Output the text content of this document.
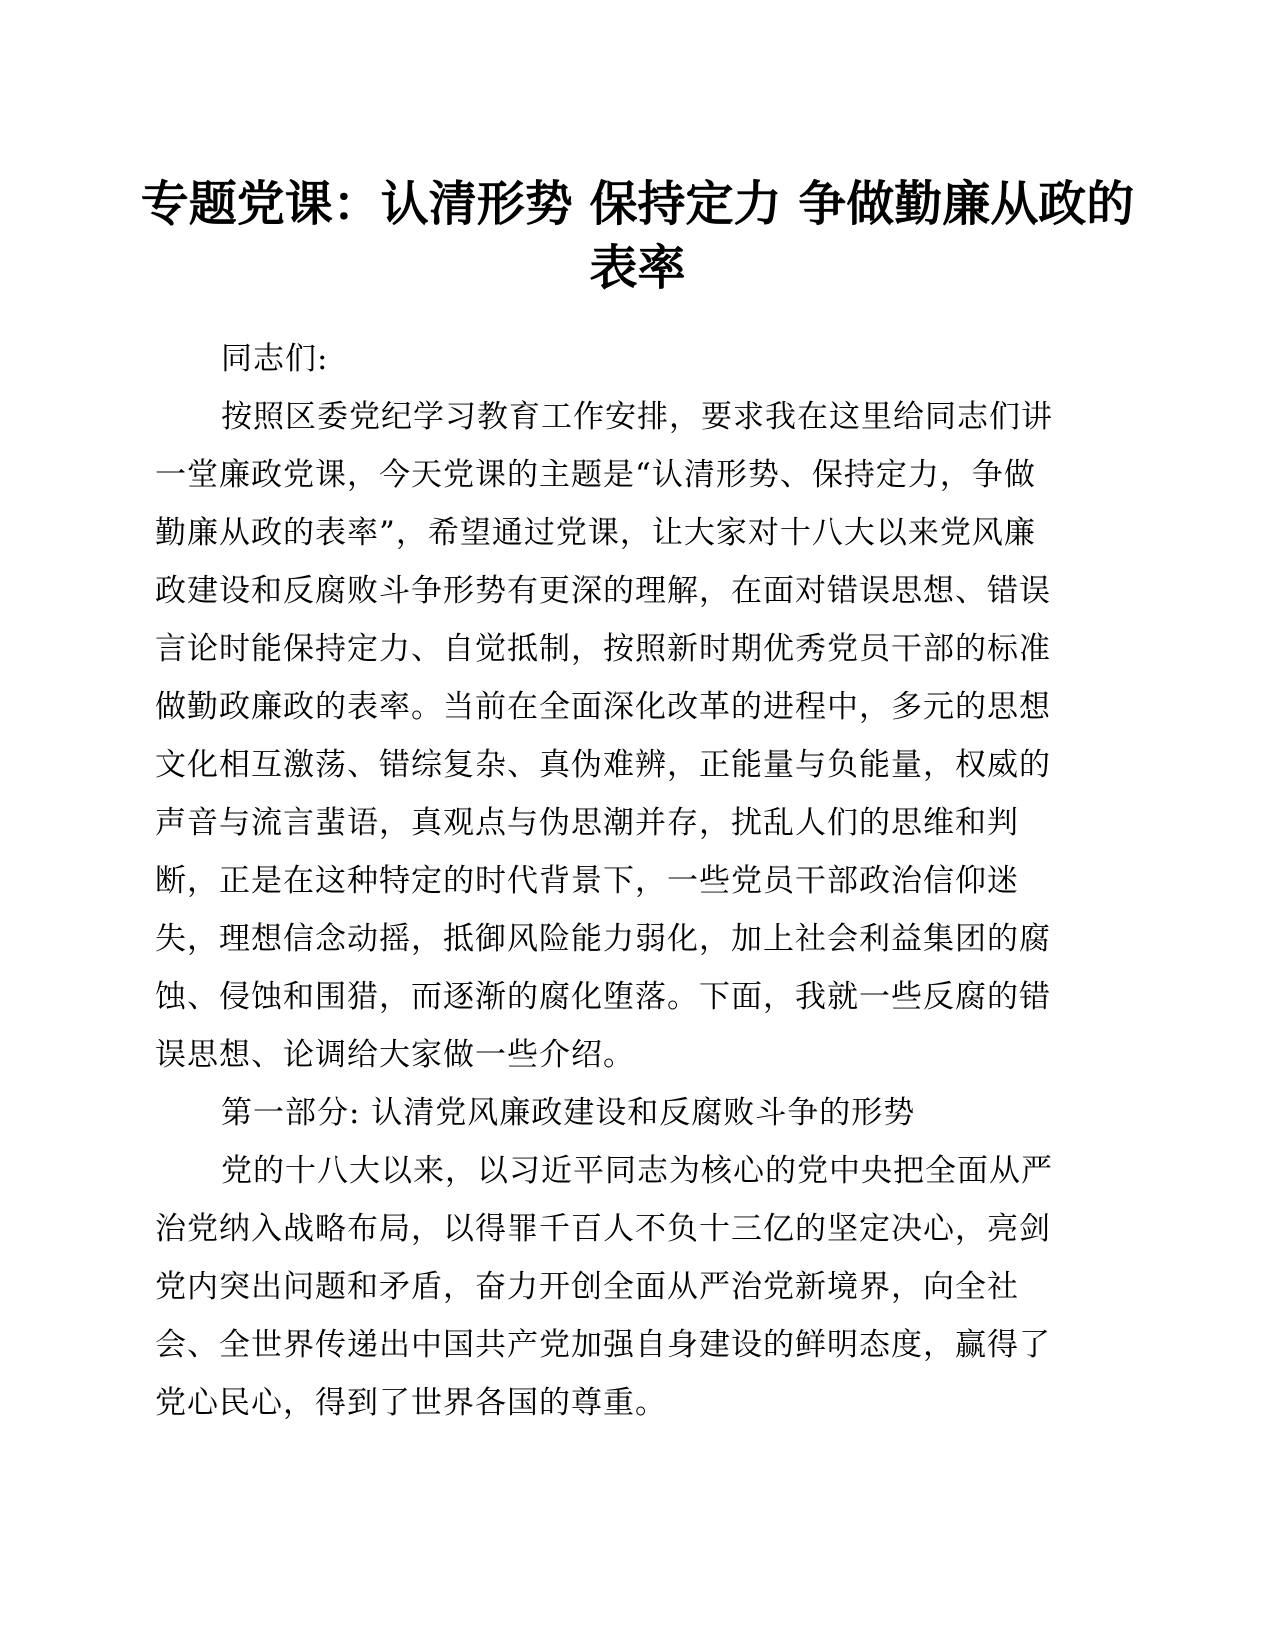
专题党课：认清形势 保持定力 争做勤廉从政的
表率
同志们:
按照区委党纪学习教育工作安排，要求我在这里给同志们讲
一堂廉政党课，今天党课的主题是“认清形势、保持定力，争做
勤廉从政的表率”，希望通过党课，让大家对十八大以来党风廉
政建设和反腐败斗争形势有更深的理解，在面对错误思想、错误
言论时能保持定力、自觉抵制，按照新时期优秀党员干部的标准
做勤政廉政的表率。当前在全面深化改革的进程中，多元的思想
文化相互激荡、错综复杂、真伪难辨，正能量与负能量，权威的
声音与流言蜚语，真观点与伪思潮并存，扰乱人们的思维和判
断，正是在这种特定的时代背景下，一些党员干部政治信仰迷
失，理想信念动摇，抵御风险能力弱化，加上社会利益集团的腐
蚀、侵蚀和围猎，而逐渐的腐化堕落。下面，我就一些反腐的错
误思想、论调给大家做一些介绍。
第一部分: 认清党风廉政建设和反腐败斗争的形势
党的十八大以来，以习近平同志为核心的党中央把全面从严
治党纳入战略布局，以得罪千百人不负十三亿的坚定决心，亮剑
党内突出问题和矛盾，奋力开创全面从严治党新境界，向全社
会、全世界传递出中国共产党加强自身建设的鲜明态度，赢得了
党心民心，得到了世界各国的尊重。
